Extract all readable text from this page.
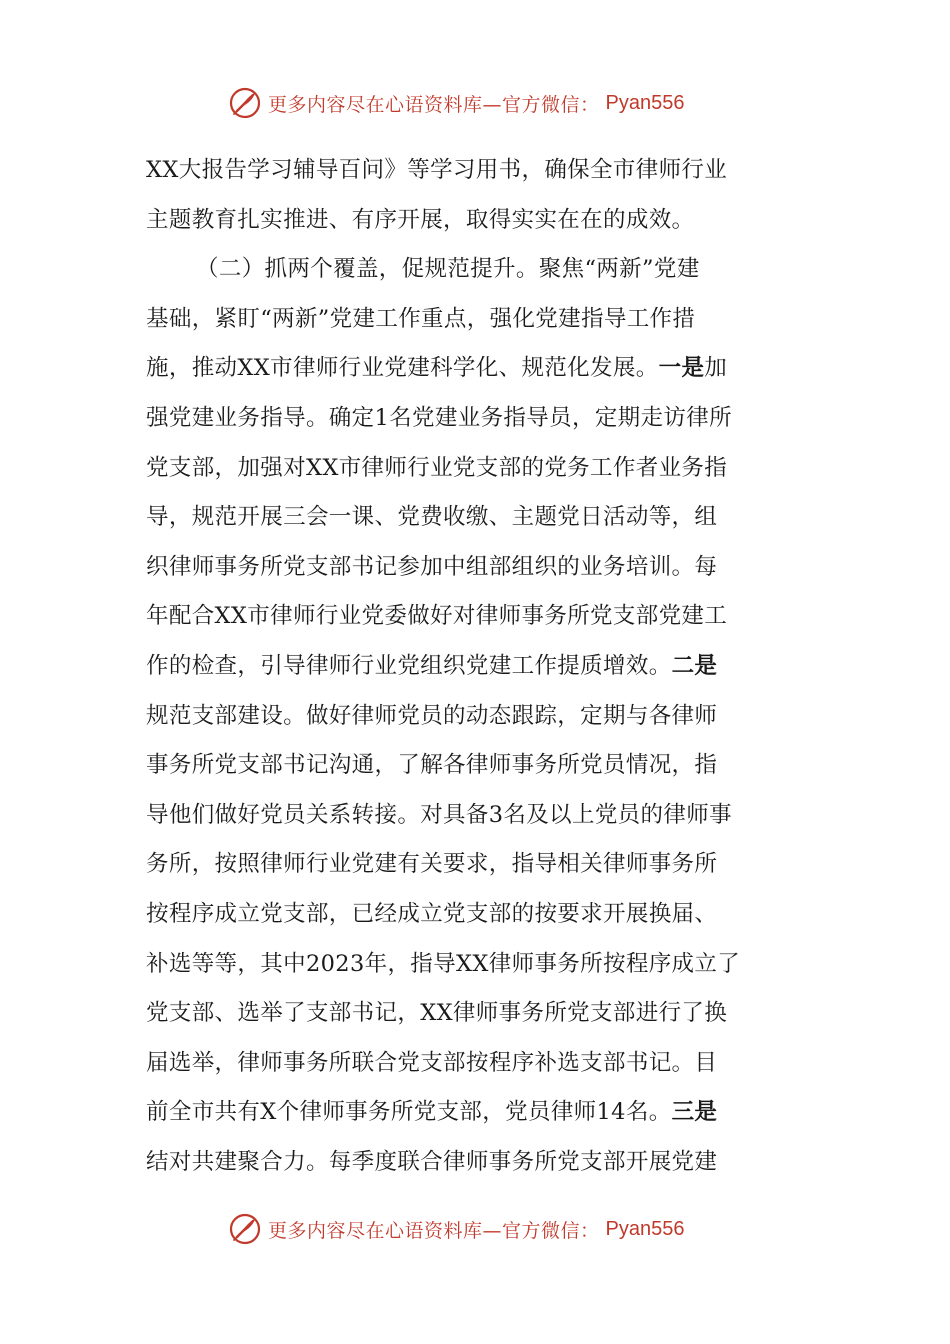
更多内容尽在心语资料库—官方微信： Pyan556
XX大报告学习辅导百问》等学习用书，确保全市律师行业
主题教育扎实推进、有序开展，取得实实在在的成效。
（二）抓两个覆盖，促规范提升。聚焦“两新”党建
基础，紧盯“两新”党建工作重点，强化党建指导工作措
施，推动XX市律师行业党建科学化、规范化发展。一是加
强党建业务指导。确定1名党建业务指导员，定期走访律所
党支部，加强对XX市律师行业党支部的党务工作者业务指
导，规范开展三会一课、党费收缴、主题党日活动等，组
织律师事务所党支部书记参加中组部组织的业务培训。每
年配合XX市律师行业党委做好对律师事务所党支部党建工
作的检查，引导律师行业党组织党建工作提质增效。二是
规范支部建设。做好律师党员的动态跟踪，定期与各律师
事务所党支部书记沟通，了解各律师事务所党员情况，指
导他们做好党员关系转接。对具备3名及以上党员的律师事
务所，按照律师行业党建有关要求，指导相关律师事务所
按程序成立党支部，已经成立党支部的按要求开展换届、
补选等等，其中2023年，指导XX律师事务所按程序成立了
党支部、选举了支部书记，XX律师事务所党支部进行了换
届选举，律师事务所联合党支部按程序补选支部书记。目
前全市共有X个律师事务所党支部，党员律师14名。三是
结对共建聚合力。每季度联合律师事务所党支部开展党建
更多内容尽在心语资料库—官方微信： Pyan556
